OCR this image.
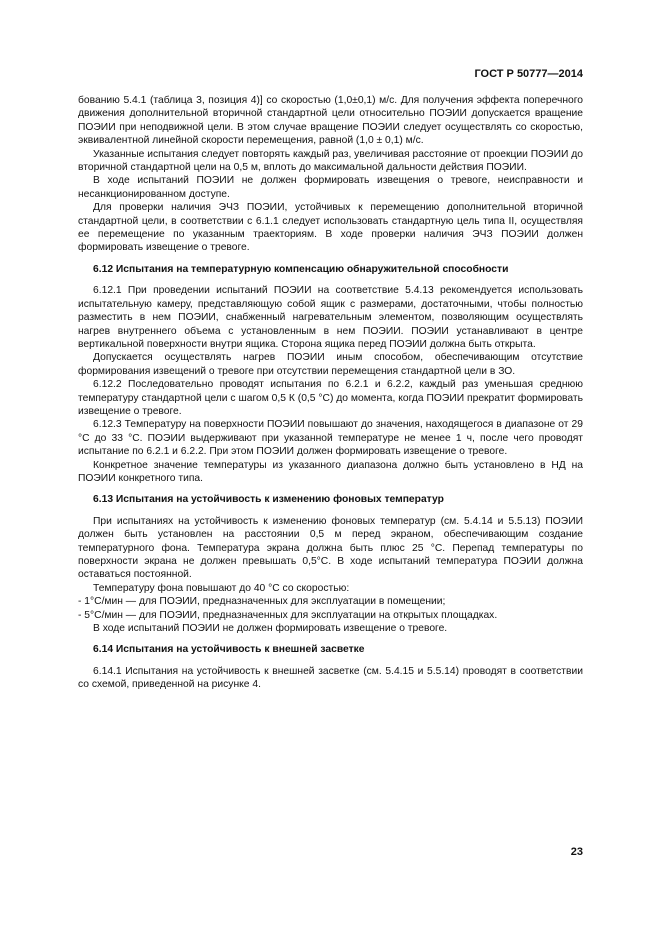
ГОСТ Р 50777—2014

бованию 5.4.1 (таблица 3, позиция 4)] со скоростью (1,0±0,1) м/с. Для получения эффекта поперечного движения дополнительной вторичной стандартной цели относительно ПОЭИИ допускается вращение ПОЭИИ при неподвижной цели. В этом случае вращение ПОЭИИ следует осуществлять со скоростью, эквивалентной линейной скорости перемещения, равной (1,0 ± 0,1) м/с.

Указанные испытания следует повторять каждый раз, увеличивая расстояние от проекции ПОЭИИ до вторичной стандартной цели на 0,5 м, вплоть до максимальной дальности действия ПОЭИИ.

В ходе испытаний ПОЭИИ не должен формировать извещения о тревоге, неисправности и несанкционированном доступе.

Для проверки наличия ЭЧЗ ПОЭИИ, устойчивых к перемещению дополнительной вторичной стандартной цели, в соответствии с 6.1.1 следует использовать стандартную цель типа II, осуществляя ее перемещение по указанным траекториям. В ходе проверки наличия ЭЧЗ ПОЭИИ должен формировать извещение о тревоге.

6.12 Испытания на температурную компенсацию обнаружительной способности

6.12.1 При проведении испытаний ПОЭИИ на соответствие 5.4.13 рекомендуется использовать испытательную камеру, представляющую собой ящик с размерами, достаточными, чтобы полностью разместить в нем ПОЭИИ, снабженный нагревательным элементом, позволяющим осуществлять нагрев внутреннего объема с установленным в нем ПОЭИИ. ПОЭИИ устанавливают в центре вертикальной поверхности внутри ящика. Сторона ящика перед ПОЭИИ должна быть открыта.

Допускается осуществлять нагрев ПОЭИИ иным способом, обеспечивающим отсутствие формирования извещений о тревоге при отсутствии перемещения стандартной цели в ЗО.

6.12.2 Последовательно проводят испытания по 6.2.1 и 6.2.2, каждый раз уменьшая среднюю температуру стандартной цели с шагом 0,5 К (0,5 °С) до момента, когда ПОЭИИ прекратит формировать извещение о тревоге.

6.12.3 Температуру на поверхности ПОЭИИ повышают до значения, находящегося в диапазоне от 29 °С до 33 °С. ПОЭИИ выдерживают при указанной температуре не менее 1 ч, после чего проводят испытание по 6.2.1 и 6.2.2. При этом ПОЭИИ должен формировать извещение о тревоге.

Конкретное значение температуры из указанного диапазона должно быть установлено в НД на ПОЭИИ конкретного типа.

6.13 Испытания на устойчивость к изменению фоновых температур

При испытаниях на устойчивость к изменению фоновых температур (см. 5.4.14 и 5.5.13) ПОЭИИ должен быть установлен на расстоянии 0,5 м перед экраном, обеспечивающим создание температурного фона. Температура экрана должна быть плюс 25 °С. Перепад температуры по поверхности экрана не должен превышать 0,5°С. В ходе испытаний температура ПОЭИИ должна оставаться постоянной.

Температуру фона повышают до 40 °С со скоростью:

- 1°С/мин — для ПОЭИИ, предназначенных для эксплуатации в помещении;

- 5°С/мин — для ПОЭИИ, предназначенных для эксплуатации на открытых площадках.

В ходе испытаний ПОЭИИ не должен формировать извещение о тревоге.

6.14 Испытания на устойчивость к внешней засветке

6.14.1 Испытания на устойчивость к внешней засветке (см. 5.4.15 и 5.5.14) проводят в соответствии со схемой, приведенной на рисунке 4.

23
